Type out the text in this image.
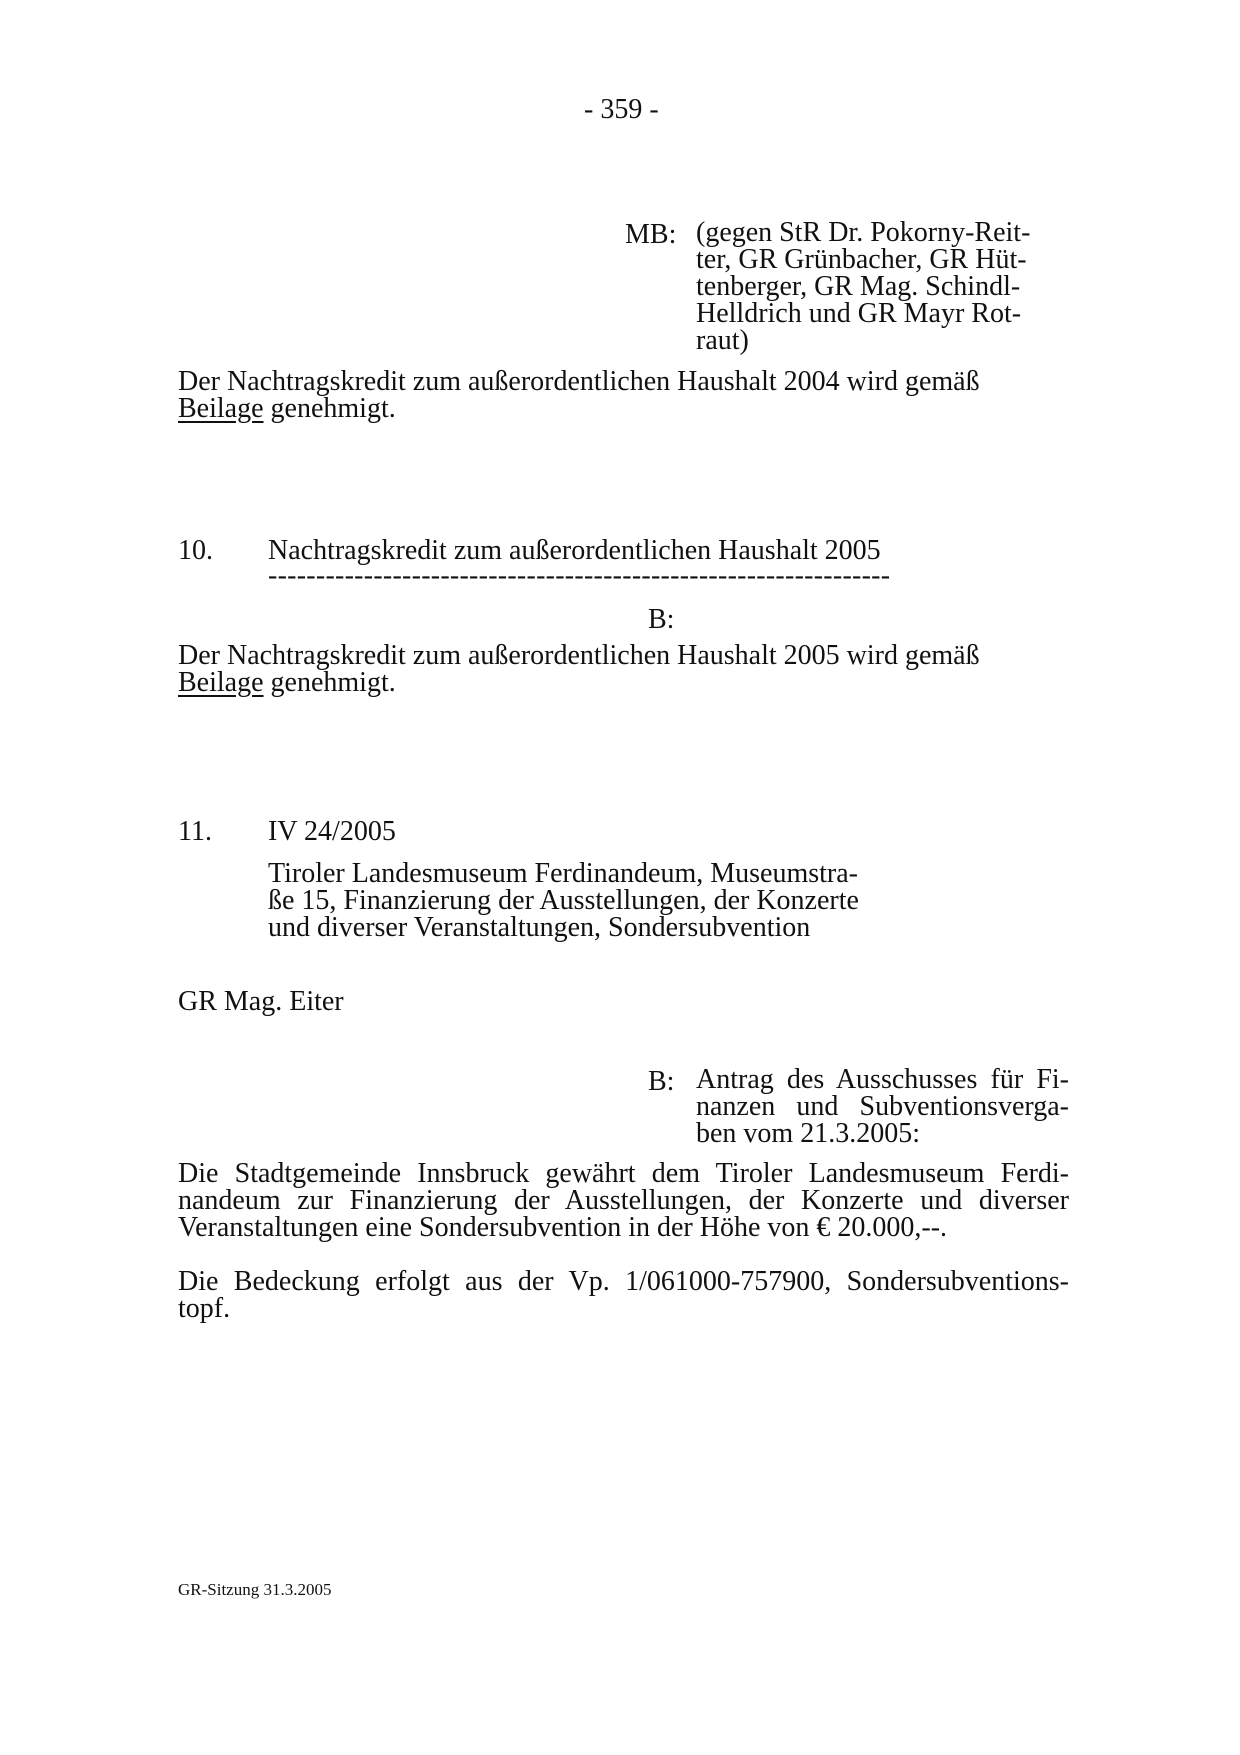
- 359 -
MB: (gegen StR Dr. Pokorny-Reit-
ter, GR Grünbacher, GR Hüt-
tenberger, GR Mag. Schindl-
Helldrich und GR Mayr Rot-
raut)
Der Nachtragskredit zum außerordentlichen Haushalt 2004 wird gemäß
Beilage genehmigt.
10. Nachtragskredit zum außerordentlichen Haushalt 2005
-----------------------------------------------------------------
B:
Der Nachtragskredit zum außerordentlichen Haushalt 2005 wird gemäß
Beilage genehmigt.
11. IV 24/2005
Tiroler Landesmuseum Ferdinandeum, Museumstra-
ße 15, Finanzierung der Ausstellungen, der Konzerte
und diverser Veranstaltungen, Sondersubvention
GR Mag. Eiter
B: Antrag des Ausschusses für Fi-
nanzen und Subventionsverga-
ben vom 21.3.2005:
Die Stadtgemeinde Innsbruck gewährt dem Tiroler Landesmuseum Ferdi-
nandeum zur Finanzierung der Ausstellungen, der Konzerte und diverser
Veranstaltungen eine Sondersubvention in der Höhe von € 20.000,--.
Die Bedeckung erfolgt aus der Vp. 1/061000-757900, Sondersubventions-
topf.
GR-Sitzung 31.3.2005
